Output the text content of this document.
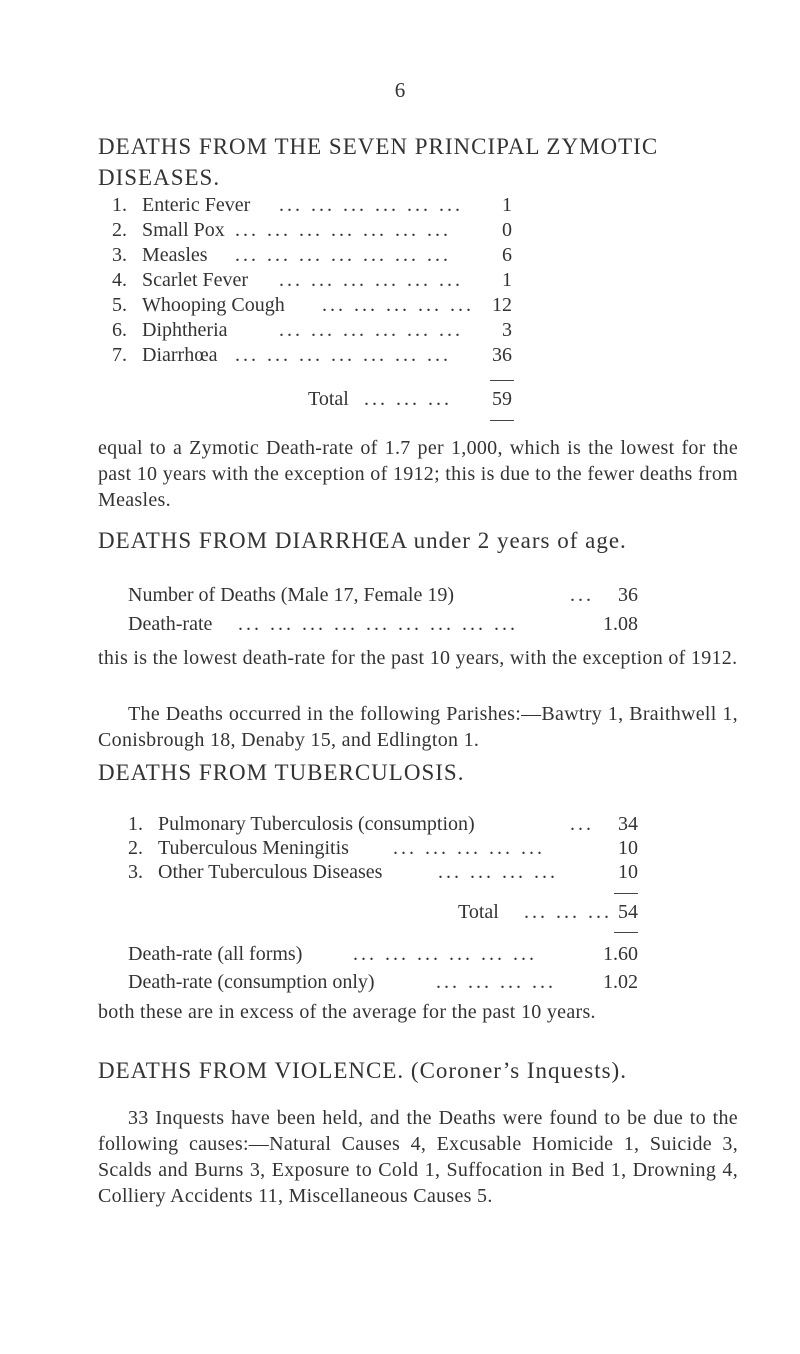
6
DEATHS FROM THE SEVEN PRINCIPAL ZYMOTIC DISEASES.
1. Enteric Fever ... ... ... ... ... ...	1
2. Small Pox ... ... ... ... ... ... ...	0
3. Measles ... ... ... ... ... ... ...	6
4. Scarlet Fever ... ... ... ... ... ...	1
5. Whooping Cough ... ... ... ... ... 12
6. Diphtheria	... ... ... ... ... ...	3
7. Diarrhœa ... ... ... ... ... ... ...	36
Total ... ... ...	59
equal to a Zymotic Death-rate of 1.7 per 1,000, which is the lowest for the past 10 years with the exception of 1912; this is due to the fewer deaths from Measles.
DEATHS FROM DIARRHŒA under 2 years of age.
Number of Deaths (Male 17, Female 19)	...	36
Death-rate ... ... ... ... ... ... ... ... ...	1.08
this is the lowest death-rate for the past 10 years, with the exception of 1912.
The Deaths occurred in the following Parishes:—Bawtry 1, Braithwell 1, Conisbrough 18, Denaby 15, and Edlington 1.
DEATHS FROM TUBERCULOSIS.
1. Pulmonary Tuberculosis (consumption)	...	34
2. Tuberculous Meningitis ... ... ... ... ...	10
3. Other Tuberculous Diseases	... ... ... ...	10
Total ... ... ... 54
Death-rate (all forms)	... ... ... ... ... ...	1.60
Death-rate (consumption only)	... ... ... ... 1.02
both these are in excess of the average for the past 10 years.
DEATHS FROM VIOLENCE. (Coroner’s Inquests).
33 Inquests have been held, and the Deaths were found to be due to the following causes:—Natural Causes 4, Excusable Homicide 1, Suicide 3, Scalds and Burns 3, Exposure to Cold 1, Suffocation in Bed 1, Drowning 4, Colliery Accidents 11, Miscellaneous Causes 5.
